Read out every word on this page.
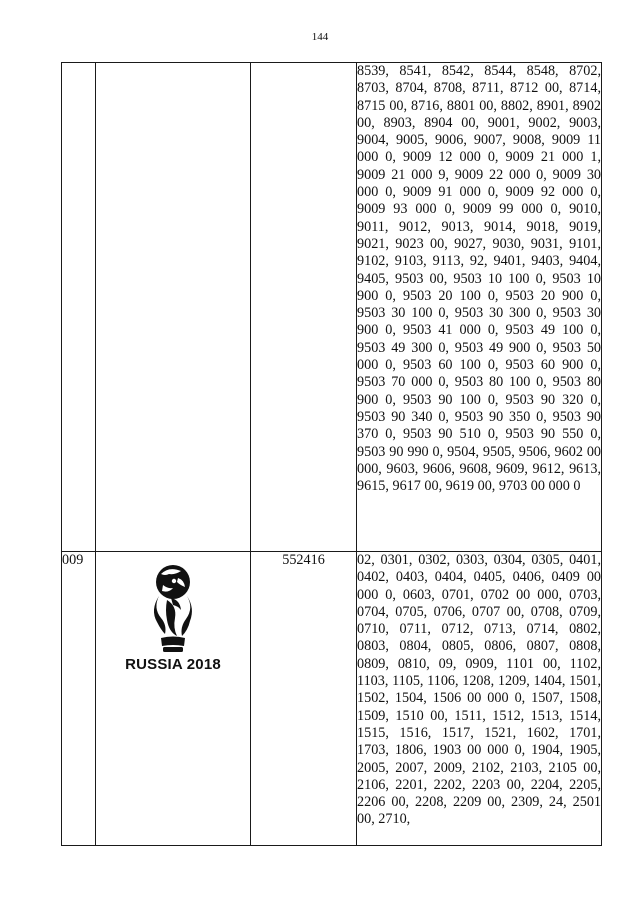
144
			8539, 8541, 8542, 8544, 8548, 8702, 8703, 8704, 8708, 8711, 8712 00, 8714, 8715 00, 8716, 8801 00, 8802, 8901, 8902 00, 8903, 8904 00, 9001, 9002, 9003, 9004, 9005, 9006, 9007, 9008, 9009 11 000 0, 9009 12 000 0, 9009 21 000 1, 9009 21 000 9, 9009 22 000 0, 9009 30 000 0, 9009 91 000 0, 9009 92 000 0, 9009 93 000 0, 9009 99 000 0, 9010, 9011, 9012, 9013, 9014, 9018, 9019, 9021, 9023 00, 9027, 9030, 9031, 9101, 9102, 9103, 9113, 92, 9401, 9403, 9404, 9405, 9503 00, 9503 10 100 0, 9503 10 900 0, 9503 20 100 0, 9503 20 900 0, 9503 30 100 0, 9503 30 300 0, 9503 30 900 0, 9503 41 000 0, 9503 49 100 0, 9503 49 300 0, 9503 49 900 0, 9503 50 000 0, 9503 60 100 0, 9503 60 900 0, 9503 70 000 0, 9503 80 100 0, 9503 80 900 0, 9503 90 100 0, 9503 90 320 0, 9503 90 340 0, 9503 90 350 0, 9503 90 370 0, 9503 90 510 0, 9503 90 550 0, 9503 90 990 0, 9504, 9505, 9506, 9602 00 000, 9603, 9606, 9608, 9609, 9612, 9613, 9615, 9617 00, 9619 00, 9703 00 000 0
009	RUSSIA 2018	552416	02, 0301, 0302, 0303, 0304, 0305, 0401, 0402, 0403, 0404, 0405, 0406, 0409 00 000 0, 0603, 0701, 0702 00 000, 0703, 0704, 0705, 0706, 0707 00, 0708, 0709, 0710, 0711, 0712, 0713, 0714, 0802, 0803, 0804, 0805, 0806, 0807, 0808, 0809, 0810, 09, 0909, 1101 00, 1102, 1103, 1105, 1106, 1208, 1209, 1404, 1501, 1502, 1504, 1506 00 000 0, 1507, 1508, 1509, 1510 00, 1511, 1512, 1513, 1514, 1515, 1516, 1517, 1521, 1602, 1701, 1703, 1806, 1903 00 000 0, 1904, 1905, 2005, 2007, 2009, 2102, 2103, 2105 00, 2106, 2201, 2202, 2203 00, 2204, 2205, 2206 00, 2208, 2209 00, 2309, 24, 2501 00, 2710,
